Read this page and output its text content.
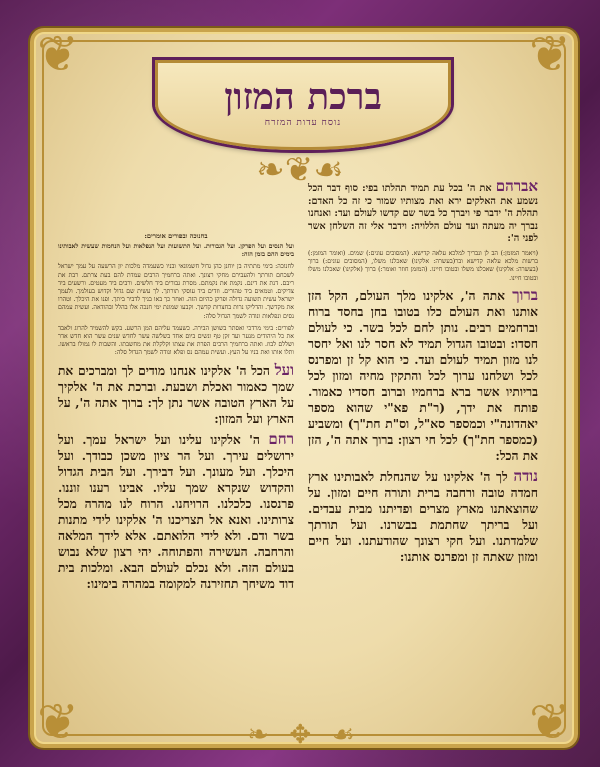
❦	❦
❦	❦
❧ ✥ ☙
ברכת המזון
נוסח עדות המזרח
❧❦☙	אברהם את ה' בכל עת תמיד תהלתו בפי: סוף דבר הכל נשמע את האלקים ירא ואת מצותיו שמור כי זה כל האדם: תהלת ה' ידבר פי ויברך כל בשר שם קדשו לעולם ועד: ואנחנו נברך יה מעתה ועד עולם הללויה: וידבר אלי זה השלחן אשר לפני ה':

(ויאמר המזמן:) הב לן ונבריך למלכא עלאה קדישא. (המסובים עונים:) שמים. (ואומר המזמן:) ברשות מלכא עלאה קדישא ובר(בעשרה: אלקינו) שאכלנו משלו, (המסובים עונים:) ברוך (בעשרה: אלקינו) שאכלנו משלו ובטובו חיינו. (המזמן חוזר ואומר:) ברוך (אלקינו) שאכלנו משלו ובטובו חיינו.

ברוך אתה ה', אלקינו מלך העולם, הקל הזן אותנו ואת העולם כלו בטובו בחן בחסד ברוח וברחמים רבים. נותן לחם לכל בשר. כי לעולם חסדו: ובטובו הגדול תמיד לא חסר לנו ואל יחסר לנו מזון תמיד לעולם ועד. כי הוא קל זן ומפרנס לכל ושלחנו ערוך לכל והתקין מחיה ומזון לכל בריותיו אשר ברא ברחמיו וברוב חסדיו כאמור. פותח את ידך, (ר"ת פא"י שהוא מספר יאהדונה"י וכמספר סא"ל, וס"ת חת"ך) ומשביע (כמספר חת"ך) לכל חי רצון: ברוך אתה ה', הזן את הכל:

נודה לך ה' אלקינו על שהנחלת לאבותינו ארץ חמדה טובה ורחבה ברית ותורה חיים ומזון. על שהוצאתנו מארץ מצרים ופדיתנו מבית עבדים. ועל בריתך שחתמת בבשרנו. ועל תורתך שלמדתנו. ועל חקי רצונך שהודעתנו. ועל חיים ומזון שאתה זן ומפרנס אותנו:

בחנוכה ובפורים אומרים:

ועל הנסים ועל הפרקן. ועל הגבורות. ועל התשועות ועל הנפלאות ועל הנחמות שעשית לאבותינו בימים ההם בזמן הזה:

לחנוכה: בימי מתתיה בן יוחנן כהן גדול חשמונאי ובניו כשעמדה מלכות יון הרשעה על עמך ישראל לשכחם תורתך ולהעבירם מחקי רצונך. ואתה ברחמיך הרבים עמדת להם בעת צרתם. רבת את ריבם. דנת את דינם. נקמת את נקמתם. מסרת גבורים ביד חלשים. ורבים ביד מעטים. ורשעים ביד צדיקים. וטמאים ביד טהורים. וזדים ביד עוסקי תורתך. לך עשית שם גדול וקדוש בעולמך. ולעמך ישראל עשית תשועה גדולה ופרקן כהיום הזה. ואחר כך באו בניך לדביר ביתך. ופנו את היכלך. וטהרו את מקדשך. והדליקו נרות בחצרות קדשך. וקבעו שמונת ימי חנכה אלו בהלל ובהודאה. ועשית עמהם נסים ונפלאות ונודה לשמך הגדול סלה:

לפורים: בימי מרדכי ואסתר בשושן הבירה. כשעמד עליהם המן הרשע. בקש להשמיד להרוג ולאבד את כל היהודים מנער ועד זקן טף ונשים ביום אחד בשלשה עשר לחדש שנים עשר הוא חדש אדר ושללם לבוז. ואתה ברחמיך הרבים הפרת את עצתו וקלקלת את מחשבתו. והשבות לו גמולו בראשו. ותלו אותו ואת בניו על העץ. ועשית עמהם נס ופלא ונודה לשמך הגדול סלה:

ועל הכל ה' אלקינו אנחנו מודים לך ומברכים את שמך כאמור ואכלת ושבעת. וברכת את ה' אלקיך על הארץ הטובה אשר נתן לך: ברוך אתה ה', על הארץ ועל המזון:

רחם ה' אלקינו עלינו ועל ישראל עמך. ועל ירושלים עירך. ועל הר ציון משכן כבודך. ועל היכלך. ועל מעונך. ועל דבירך. ועל הבית הגדול והקדוש שנקרא שמך עליו. אבינו רענו זוננו. פרנסנו. כלכלנו. הרויחנו. הרוח לנו מהרה מכל צרותינו. ואנא אל תצריכנו ה' אלקינו לידי מתנות בשר ודם. ולא לידי הלואתם. אלא לידך המלאה והרחבה. העשירה והפתוחה. יהי רצון שלא נבוש בעולם הזה. ולא נכלם לעולם הבא. ומלכות בית דוד משיחך תחזירנה למקומה במהרה בימינו:
